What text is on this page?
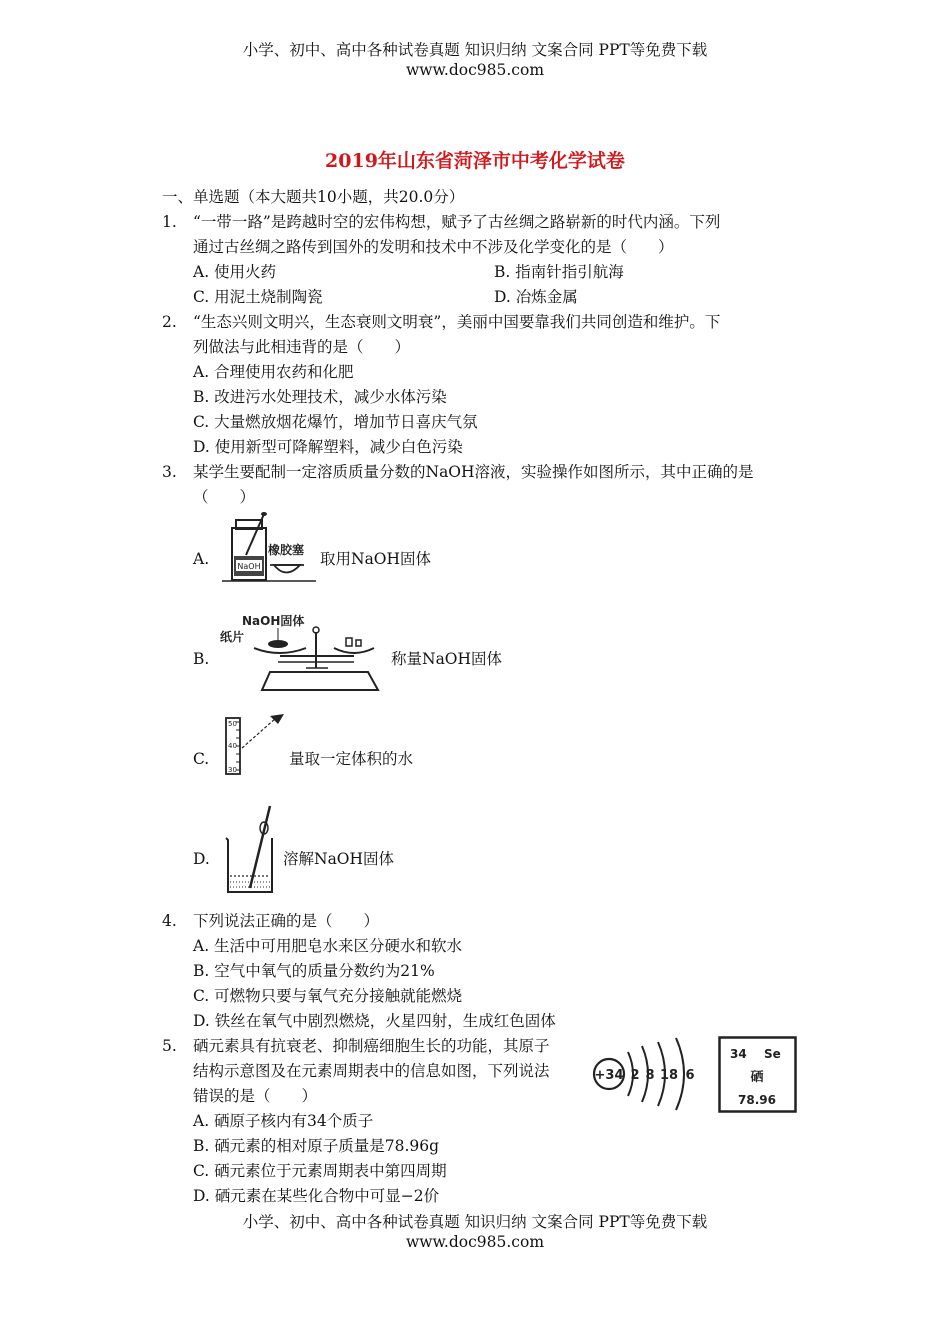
小学、初中、高中各种试卷真题 知识归纳 文案合同 PPT等免费下载
www.doc985.com
2019年山东省菏泽市中考化学试卷
一、单选题（本大题共10小题，共20.0分）
1. “一带一路”是跨越时空的宏伟构想，赋予了古丝绸之路崭新的时代内涵。下列
通过古丝绸之路传到国外的发明和技术中不涉及化学变化的是（　　）
A. 使用火药	B. 指南针指引航海
C. 用泥土烧制陶瓷	D. 冶炼金属
2. “生态兴则文明兴，生态衰则文明衰”，美丽中国要靠我们共同创造和维护。下
列做法与此相违背的是（　　）
A. 合理使用农药和化肥
B. 改进污水处理技术，减少水体污染
C. 大量燃放烟花爆竹，增加节日喜庆气氛
D. 使用新型可降解塑料，减少白色污染
3. 某学生要配制一定溶质质量分数的NaOH溶液，实验操作如图所示，其中正确的是
（　　）
A.	NaOH
橡胶塞 取用NaOH固体
B.
NaOH固体
纸片
称量NaOH固体
C.
50
40
30
量取一定体积的水
D.	溶解NaOH固体
4. 下列说法正确的是（　　）
A. 生活中可用肥皂水来区分硬水和软水
B. 空气中氧气的质量分数约为21%
C. 可燃物只要与氧气充分接触就能燃烧
D. 铁丝在氧气中剧烈燃烧，火星四射，生成红色固体
5. 硒元素具有抗衰老、抑制癌细胞生长的功能，其原子
结构示意图及在元素周期表中的信息如图，下列说法
错误的是（　　）
A. 硒原子核内有34个质子
B. 硒元素的相对原子质量是78.96g
C. 硒元素位于元素周期表中第四周期
D. 硒元素在某些化合物中可显−2价
+34 2 8 18 6
34 Se
硒
78.96
小学、初中、高中各种试卷真题 知识归纳 文案合同 PPT等免费下载
www.doc985.com
